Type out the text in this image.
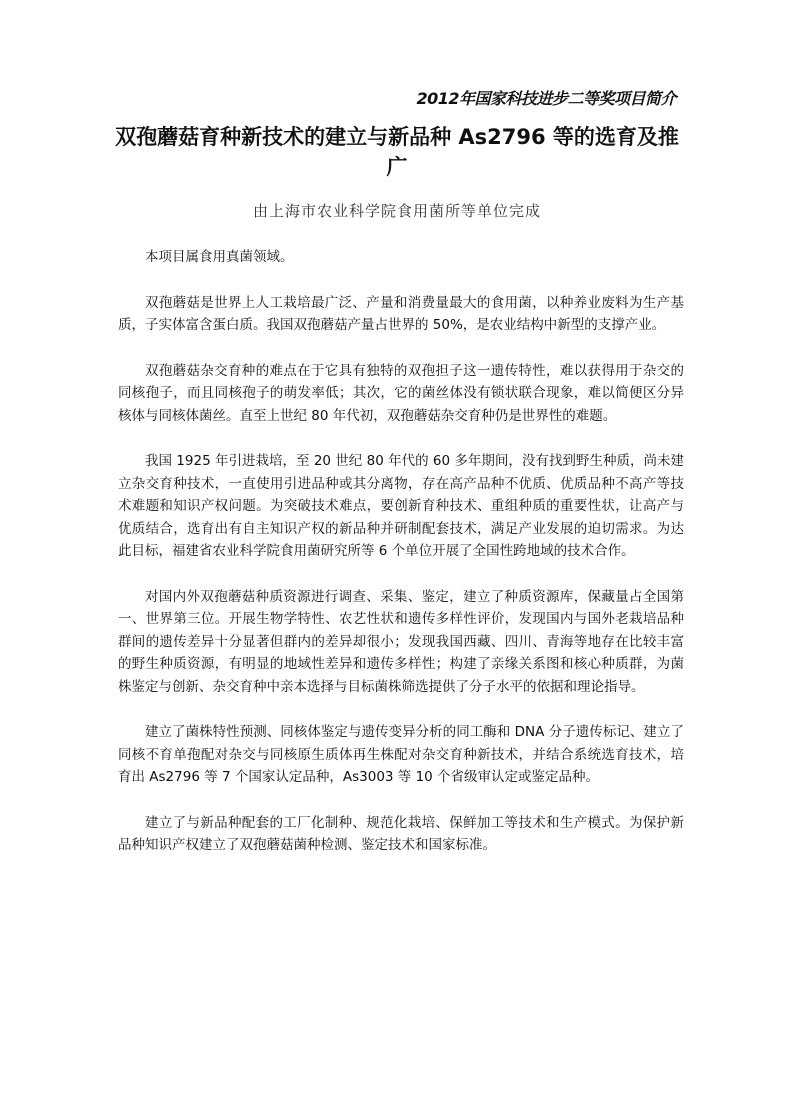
2012年国家科技进步二等奖项目简介
双孢蘑菇育种新技术的建立与新品种 As2796 等的选育及推广
由上海市农业科学院食用菌所等单位完成

本项目属食用真菌领域。

双孢蘑菇是世界上人工栽培最广泛、产量和消费量最大的食用菌，以种养业废料为生产基质，子实体富含蛋白质。我国双孢蘑菇产量占世界的 50%，是农业结构中新型的支撑产业。

双孢蘑菇杂交育种的难点在于它具有独特的双孢担子这一遗传特性，难以获得用于杂交的同核孢子，而且同核孢子的萌发率低；其次，它的菌丝体没有锁状联合现象，难以简便区分异核体与同核体菌丝。直至上世纪 80 年代初，双孢蘑菇杂交育种仍是世界性的难题。

我国 1925 年引进栽培，至 20 世纪 80 年代的 60 多年期间，没有找到野生种质，尚未建立杂交育种技术，一直使用引进品种或其分离物，存在高产品种不优质、优质品种不高产等技术难题和知识产权问题。为突破技术难点，要创新育种技术、重组种质的重要性状，让高产与优质结合，选育出有自主知识产权的新品种并研制配套技术，满足产业发展的迫切需求。为达此目标，福建省农业科学院食用菌研究所等 6 个单位开展了全国性跨地域的技术合作。

对国内外双孢蘑菇种质资源进行调查、采集、鉴定，建立了种质资源库，保藏量占全国第一、世界第三位。开展生物学特性、农艺性状和遗传多样性评价，发现国内与国外老栽培品种群间的遗传差异十分显著但群内的差异却很小；发现我国西藏、四川、青海等地存在比较丰富的野生种质资源，有明显的地域性差异和遗传多样性；构建了亲缘关系图和核心种质群，为菌株鉴定与创新、杂交育种中亲本选择与目标菌株筛选提供了分子水平的依据和理论指导。

建立了菌株特性预测、同核体鉴定与遗传变异分析的同工酶和 DNA 分子遗传标记、建立了同核不育单孢配对杂交与同核原生质体再生株配对杂交育种新技术，并结合系统选育技术，培育出 As2796 等 7 个国家认定品种，As3003 等 10 个省级审认定或鉴定品种。

建立了与新品种配套的工厂化制种、规范化栽培、保鲜加工等技术和生产模式。为保护新品种知识产权建立了双孢蘑菇菌种检测、鉴定技术和国家标准。
